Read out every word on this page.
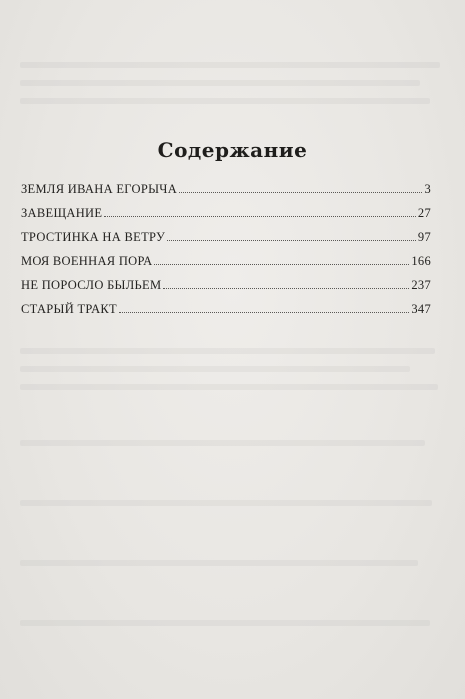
Содержание
ЗЕМЛЯ ИВАНА ЕГОРЫЧА	3
ЗАВЕЩАНИЕ	27
ТРОСТИНКА НА ВЕТРУ	97
МОЯ ВОЕННАЯ ПОРА	166
НЕ ПОРОСЛО БЫЛЬЕМ	237
СТАРЫЙ ТРАКТ	347
